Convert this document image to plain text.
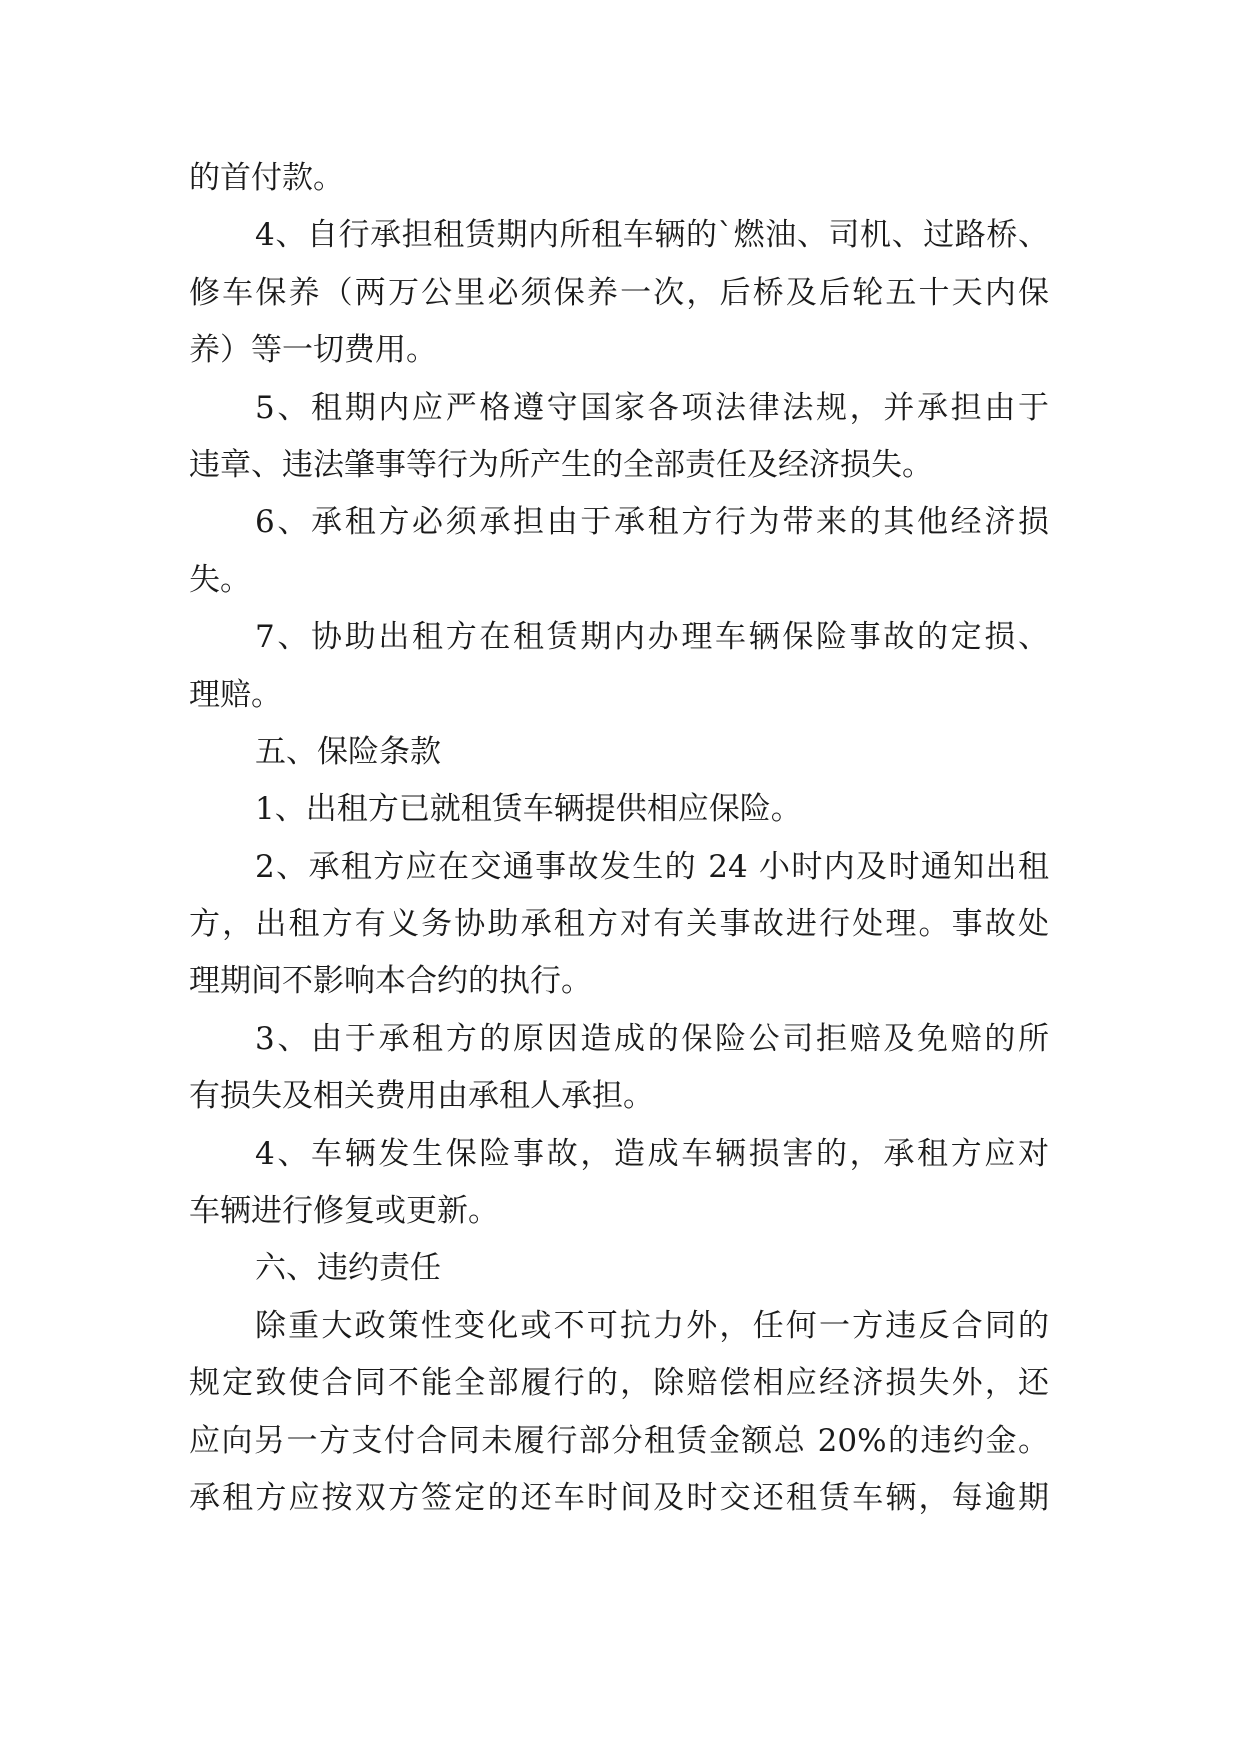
的首付款。
4、自行承担租赁期内所租车辆的`燃油、司机、过路桥、
修车保养（两万公里必须保养一次，后桥及后轮五十天内保
养）等一切费用。
5、租期内应严格遵守国家各项法律法规，并承担由于
违章、违法肇事等行为所产生的全部责任及经济损失。
6、承租方必须承担由于承租方行为带来的其他经济损
失。
7、协助出租方在租赁期内办理车辆保险事故的定损、
理赔。
五、保险条款
1、出租方已就租赁车辆提供相应保险。
2、承租方应在交通事故发生的 24 小时内及时通知出租
方，出租方有义务协助承租方对有关事故进行处理。事故处
理期间不影响本合约的执行。
3、由于承租方的原因造成的保险公司拒赔及免赔的所
有损失及相关费用由承租人承担。
4、车辆发生保险事故，造成车辆损害的，承租方应对
车辆进行修复或更新。
六、违约责任
除重大政策性变化或不可抗力外，任何一方违反合同的
规定致使合同不能全部履行的，除赔偿相应经济损失外，还
应向另一方支付合同未履行部分租赁金额总 20%的违约金。
承租方应按双方签定的还车时间及时交还租赁车辆，每逾期
